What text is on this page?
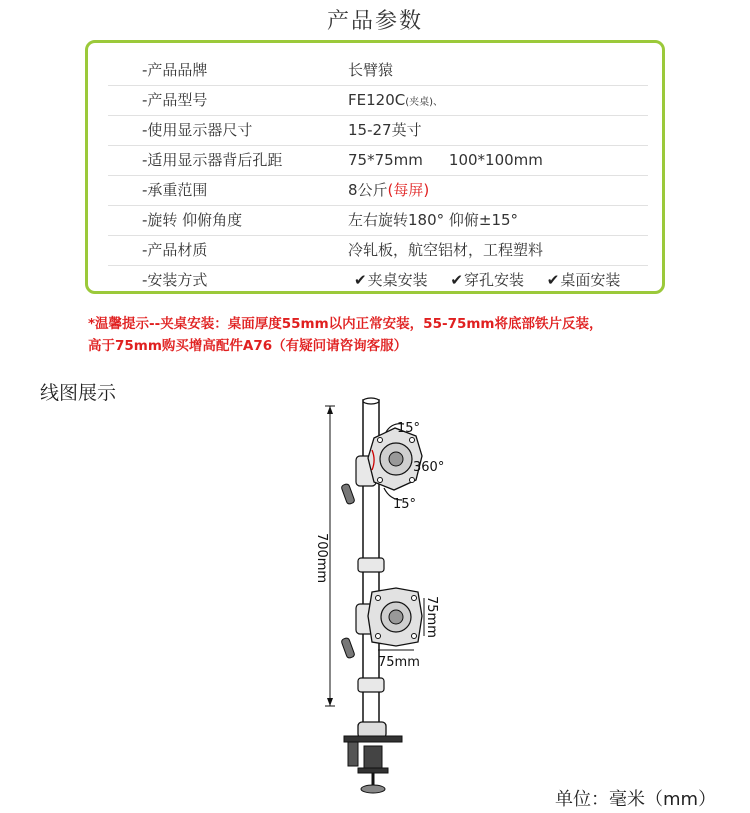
产品参数
-产品品牌	长臂猿
-产品型号	FE120C(夹桌)、
-使用显示器尺寸	15-27英寸
-适用显示器背后孔距	75*75mm 100*100mm
-承重范围	8公斤(每屏)
-旋转 仰俯角度	左右旋转180° 仰俯±15°
-产品材质	冷轧板，航空铝材，工程塑料
-安装方式	✔夹桌安装 ✔穿孔安装 ✔桌面安装
*温馨提示--夹桌安装：桌面厚度55mm以内正常安装，55-75mm将底部铁片反装，
高于75mm购买增高配件A76（有疑问请咨询客服）
线图展示
700mm
15°
360°
15°
75mm
75mm
单位：毫米（mm）
